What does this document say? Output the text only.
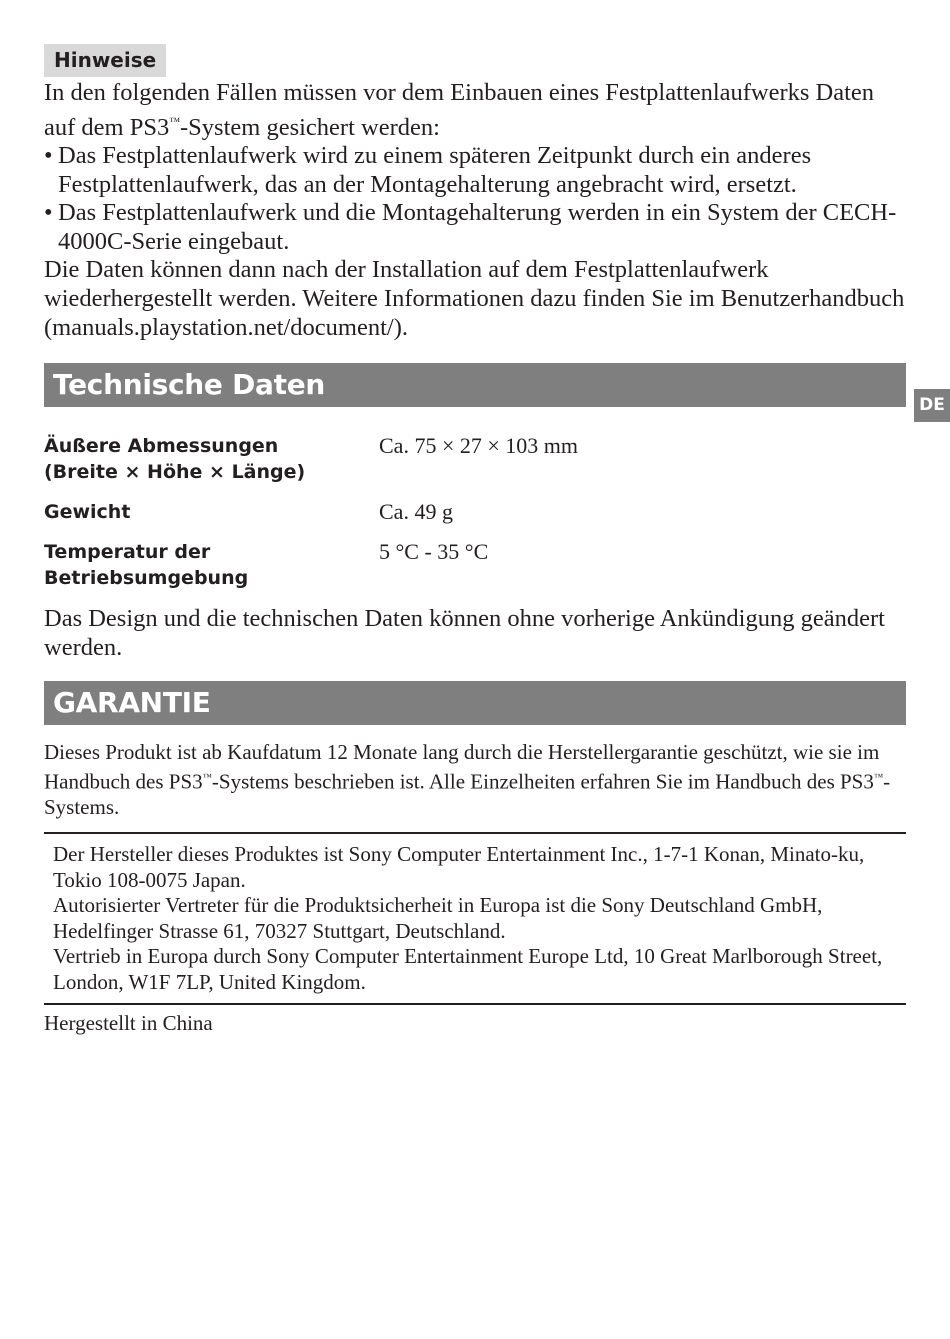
DE
Hinweise

In den folgenden Fällen müssen vor dem Einbauen eines Festplattenlaufwerks Daten auf dem PS3™-System gesichert werden:

• Das Festplattenlaufwerk wird zu einem späteren Zeitpunkt durch ein anderes Festplattenlaufwerk, das an der Montagehalterung angebracht wird, ersetzt.
• Das Festplattenlaufwerk und die Montagehalterung werden in ein System der CECH-4000C-Serie eingebaut.

Die Daten können dann nach der Installation auf dem Festplattenlaufwerk wiederhergestellt werden. Weitere Informationen dazu finden Sie im Benutzerhandbuch (manuals.playstation.net/document/).

Technische Daten
Äußere Abmessungen
(Breite × Höhe × Länge)
Ca. 75 × 27 × 103 mm
Gewicht	Ca. 49 g
Temperatur der
Betriebsumgebung
5 °C - 35 °C

Das Design und die technischen Daten können ohne vorherige Ankündigung geändert werden.

GARANTIE

Dieses Produkt ist ab Kaufdatum 12 Monate lang durch die Herstellergarantie geschützt, wie sie im Handbuch des PS3™-Systems beschrieben ist. Alle Einzelheiten erfahren Sie im Handbuch des PS3™-Systems.

Der Hersteller dieses Produktes ist Sony Computer Entertainment Inc., 1-7-1 Konan, Minato-ku, Tokio 108-0075 Japan.

Autorisierter Vertreter für die Produktsicherheit in Europa ist die Sony Deutschland GmbH, Hedelfinger Strasse 61, 70327 Stuttgart, Deutschland.

Vertrieb in Europa durch Sony Computer Entertainment Europe Ltd, 10 Great Marlborough Street, London, W1F 7LP, United Kingdom.

Hergestellt in China
